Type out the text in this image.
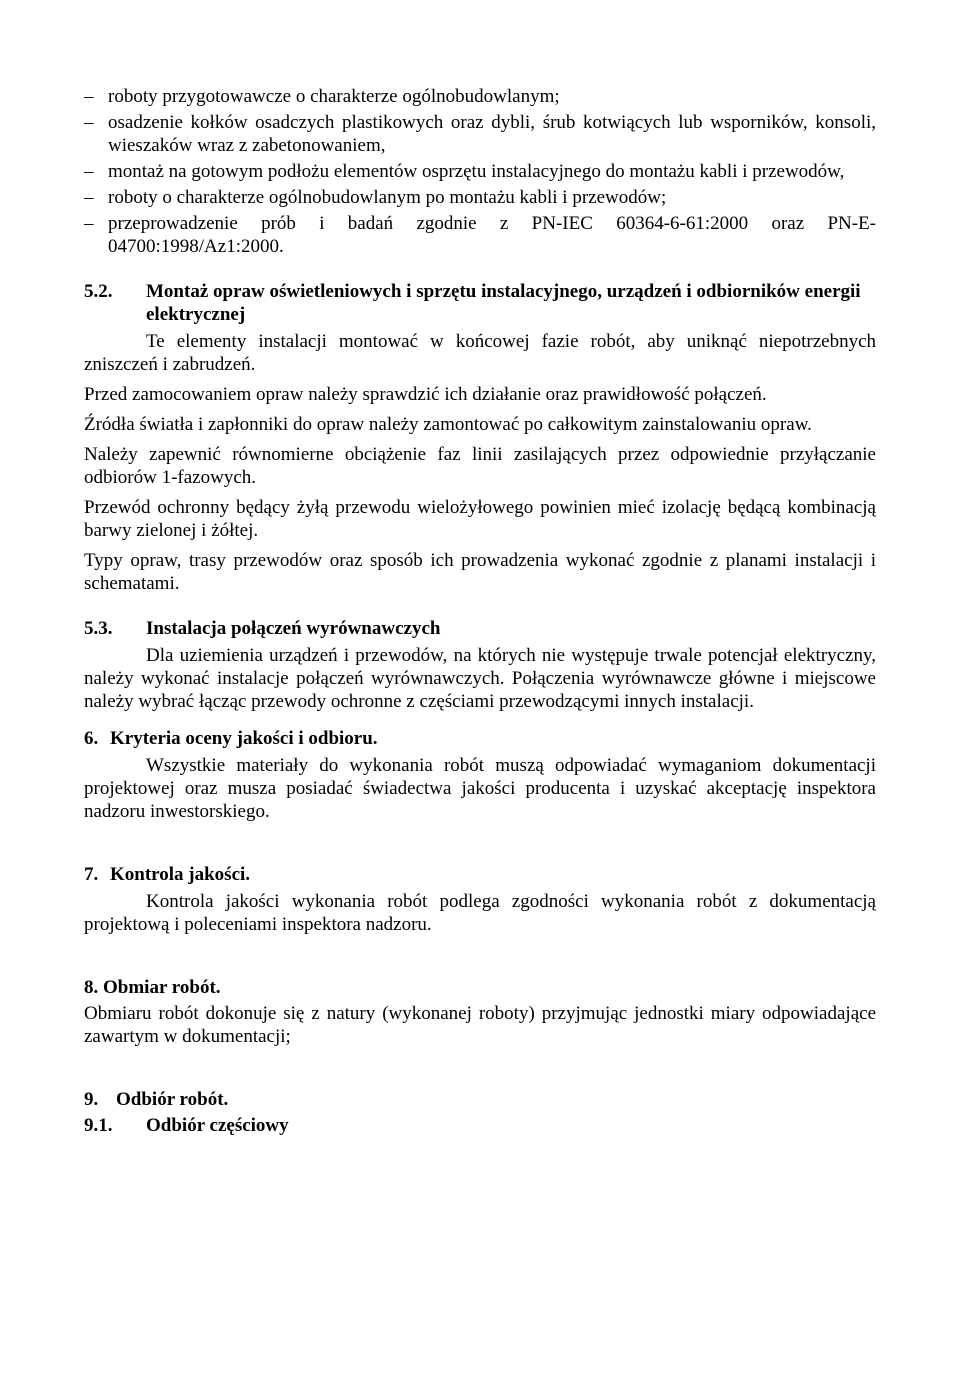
– roboty przygotowawcze o charakterze ogólnobudowlanym;
– osadzenie kołków osadczych plastikowych oraz dybli, śrub kotwiących lub wsporników, konsoli, wieszaków wraz z zabetonowaniem,
– montaż na gotowym podłożu elementów osprzętu instalacyjnego do montażu kabli i przewodów,
– roboty o charakterze ogólnobudowlanym po montażu kabli i przewodów;
– przeprowadzenie prób i badań zgodnie z PN-IEC 60364-6-61:2000 oraz PN-E-04700:1998/Az1:2000.
5.2.	Montaż opraw oświetleniowych i sprzętu instalacyjnego, urządzeń i odbiorników energii elektrycznej

Te elementy instalacji montować w końcowej fazie robót, aby uniknąć niepotrzebnych zniszczeń i zabrudzeń.

Przed zamocowaniem opraw należy sprawdzić ich działanie oraz prawidłowość połączeń.

Źródła światła i zapłonniki do opraw należy zamontować po całkowitym zainstalowaniu opraw.

Należy zapewnić równomierne obciążenie faz linii zasilających przez odpowiednie przyłączanie odbiorów 1-fazowych.

Przewód ochronny będący żyłą przewodu wielożyłowego powinien mieć izolację będącą kombinacją barwy zielonej i żółtej.

Typy opraw, trasy przewodów oraz sposób ich prowadzenia wykonać zgodnie z planami instalacji i schematami.

5.3.	Instalacja połączeń wyrównawczych

Dla uziemienia urządzeń i przewodów, na których nie występuje trwale potencjał elektryczny, należy wykonać instalacje połączeń wyrównawczych. Połączenia wyrównawcze główne i miejscowe należy wybrać łącząc przewody ochronne z częściami przewodzącymi innych instalacji.

6. Kryteria oceny jakości i odbioru.

Wszystkie materiały do wykonania robót muszą odpowiadać wymaganiom dokumentacji projektowej oraz musza posiadać świadectwa jakości producenta i uzyskać akceptację inspektora nadzoru inwestorskiego.

7. Kontrola jakości.

Kontrola jakości wykonania robót podlega zgodności wykonania robót z dokumentacją projektową i poleceniami inspektora nadzoru.

8. Obmiar robót.

Obmiaru robót dokonuje się z natury (wykonanej roboty) przyjmując jednostki miary odpowiadające zawartym w dokumentacji;

9. Odbiór robót.
9.1.	Odbiór częściowy
